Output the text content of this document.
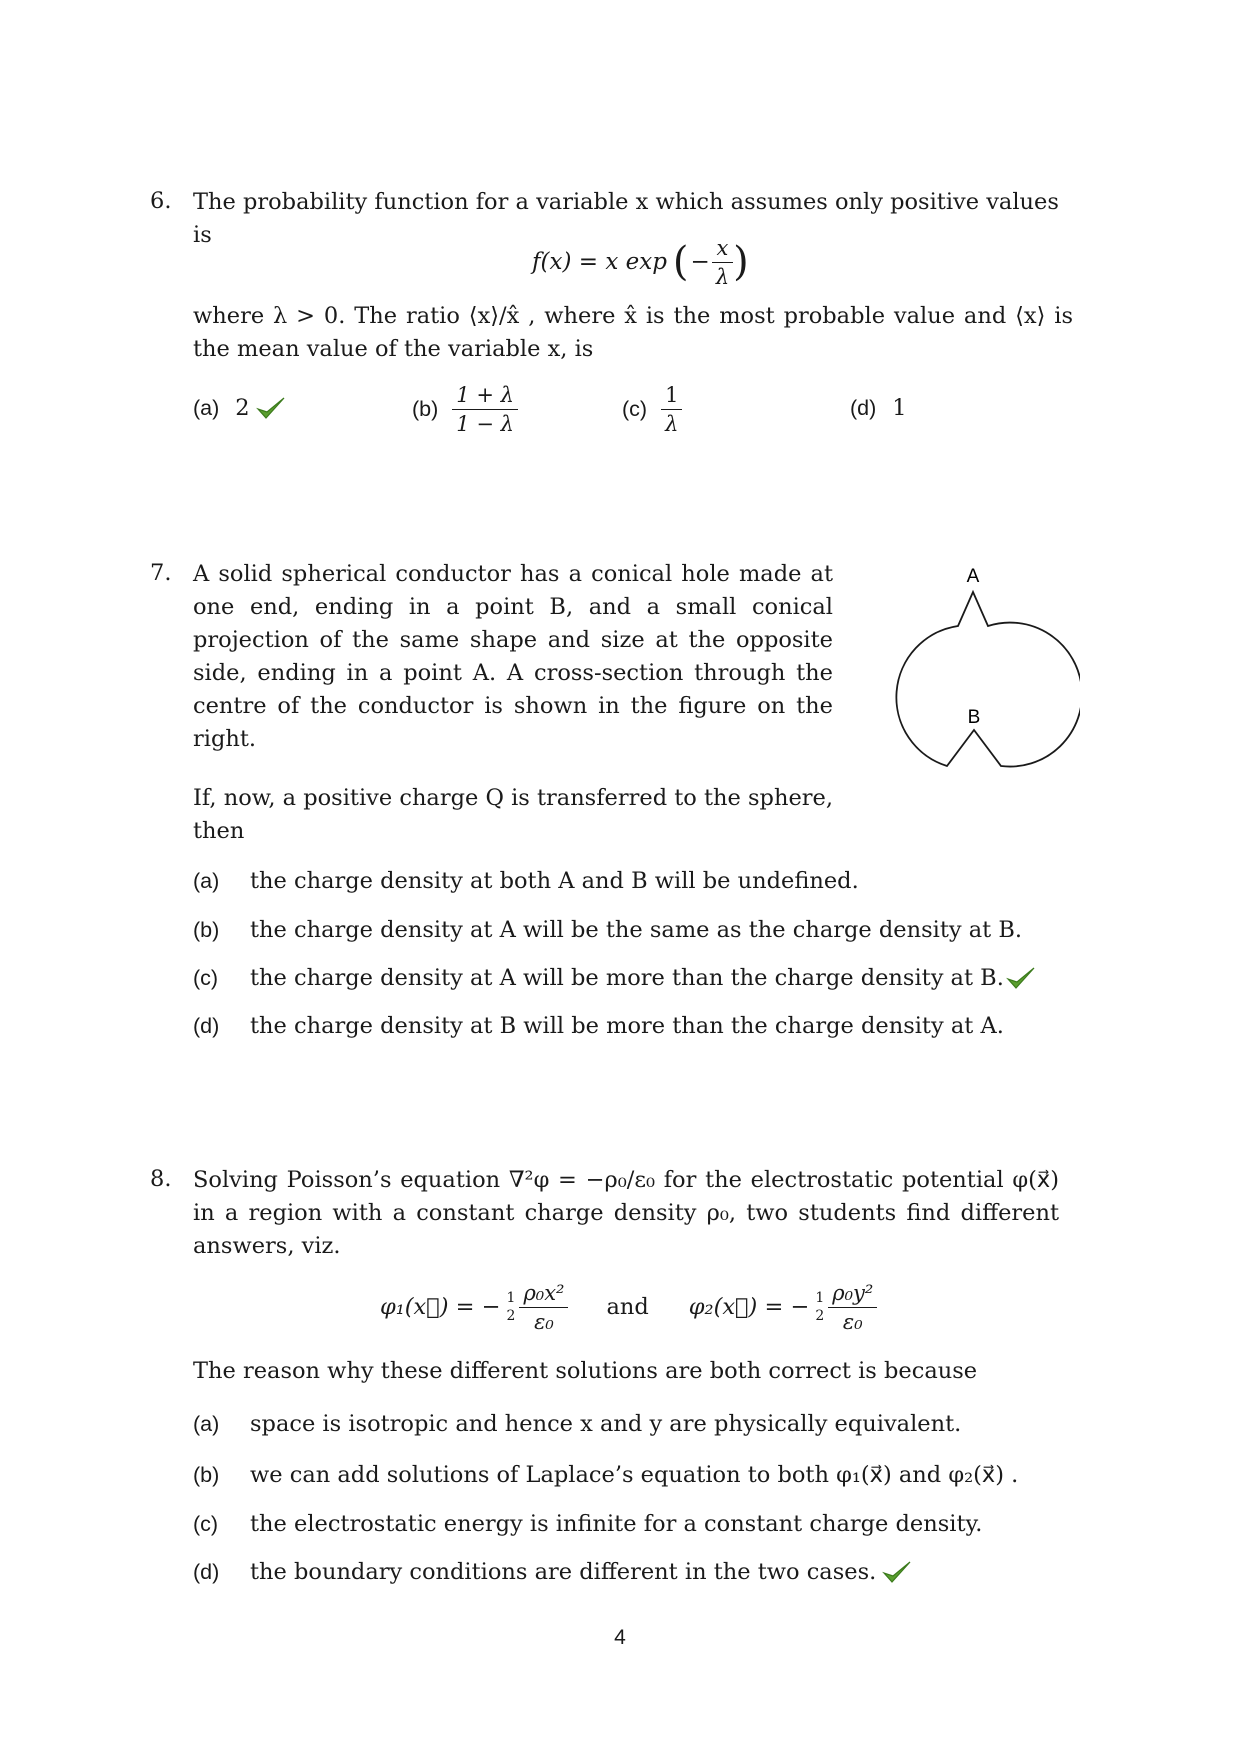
6. The probability function for a variable x which assumes only positive values is
f(x) = x exp ( − $\frac{x}{\lambda}$ )
where λ > 0. The ratio ⟨x⟩/x̂ , where x̂ is the most probable value and ⟨x⟩ is
the mean value of the variable x, is
(a) 2	$(b) \frac{1 + \lambda}{1 - \lambda}$	$(c) \frac{1}{\lambda}$	(d) 1
7. A solid spherical conductor has a conical hole made at
one end, ending in a point B, and a small conical
projection of the same shape and size at the opposite
side, ending in a point A. A cross-section through the
centre of the conductor is shown in the figure on the
right.
If, now, a positive charge Q is transferred to the sphere,
then
A
B
(a)	the charge density at both A and B will be undefined.
(b)	the charge density at A will be the same as the charge density at B.
(c)	the charge density at A will be more than the charge density at B.
(d)	the charge density at B will be more than the charge density at A.
8. Solving Poisson’s equation ∇²φ = −ρ₀/ε₀ for the electrostatic potential φ(x⃗)
in a region with a constant charge density ρ₀, two students find different
answers, viz.
φ₁(x⃗) = − 1
$2 \frac{\text{ρ₀x²}}{\text{ε₀}}$ and φ₂(x⃗) = − 1
$2 \frac{\text{ρ₀y²}}{\text{ε₀}}$
The reason why these different solutions are both correct is because
(a)	space is isotropic and hence x and y are physically equivalent.
(b)	we can add solutions of Laplace’s equation to both φ₁(x⃗) and φ₂(x⃗) .
(c)	the electrostatic energy is infinite for a constant charge density.
(d)	the boundary conditions are different in the two cases.
4
